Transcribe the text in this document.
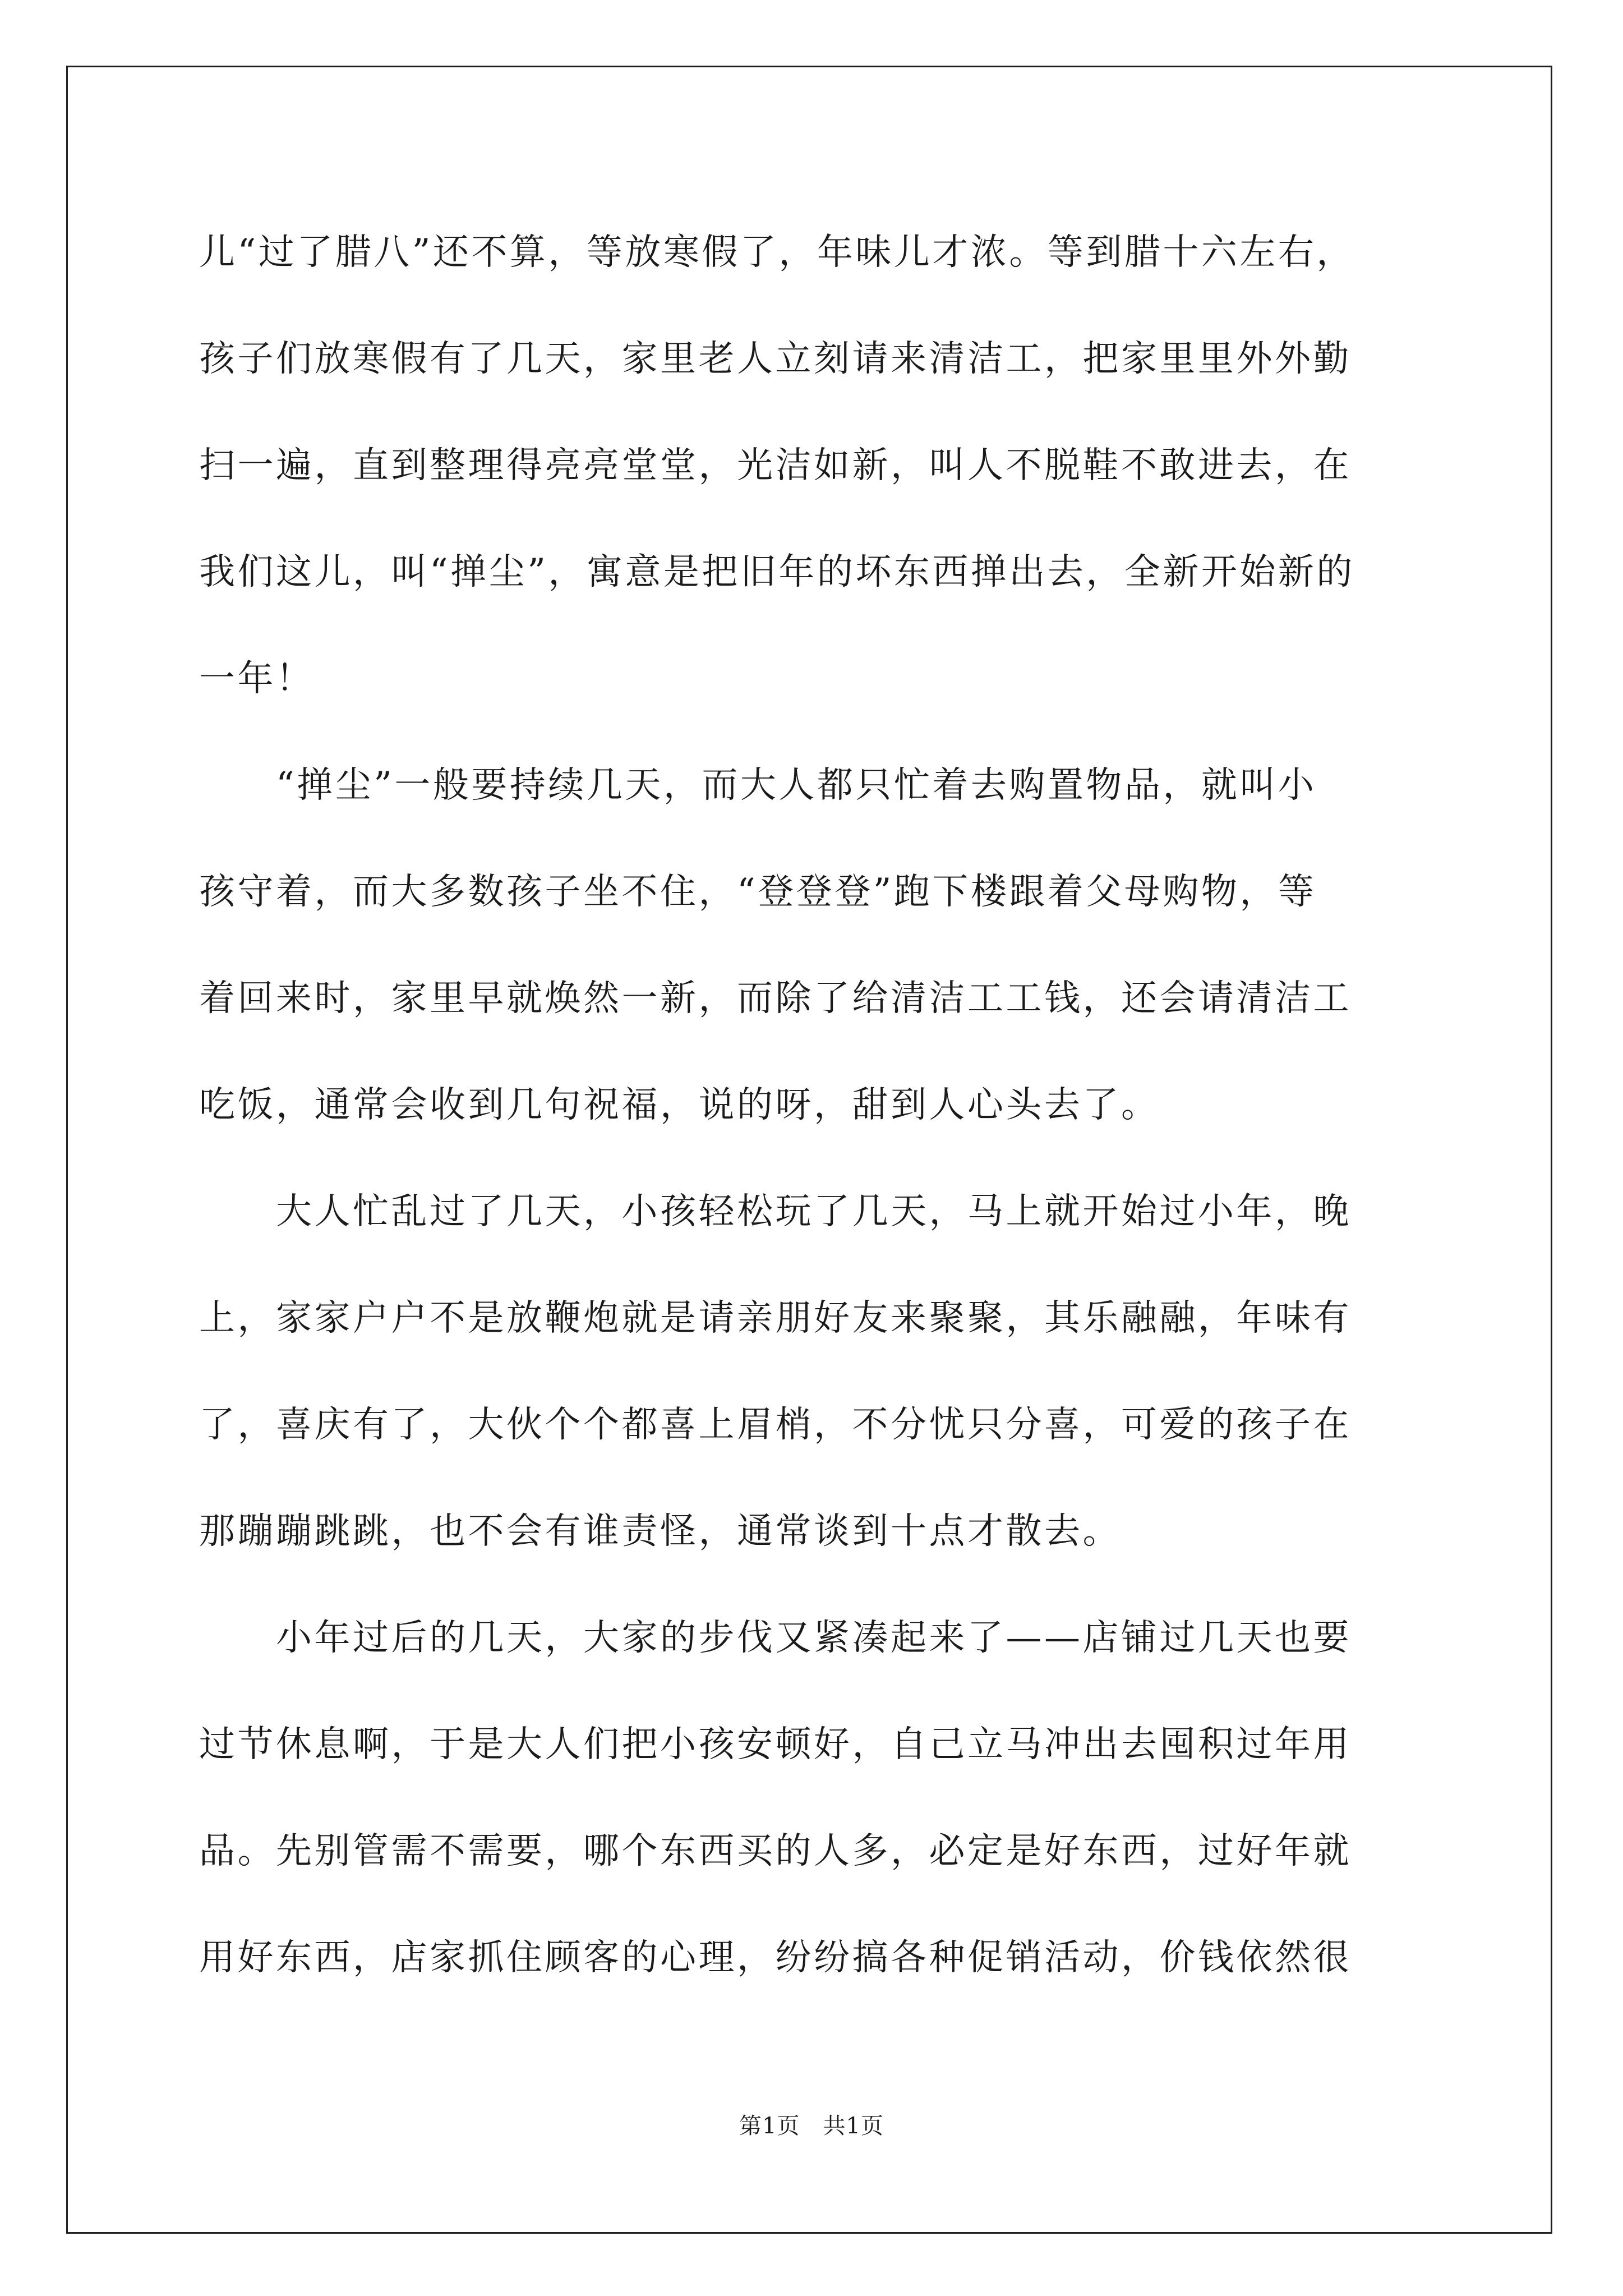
儿“过了腊八”还不算，等放寒假了，年味儿才浓。等到腊十六左右，
孩子们放寒假有了几天，家里老人立刻请来清洁工，把家里里外外勤
扫一遍，直到整理得亮亮堂堂，光洁如新，叫人不脱鞋不敢进去，在
我们这儿，叫“掸尘”，寓意是把旧年的坏东西掸出去，全新开始新的
一年！
　　“掸尘”一般要持续几天，而大人都只忙着去购置物品，就叫小
孩守着，而大多数孩子坐不住，“登登登”跑下楼跟着父母购物，等
着回来时，家里早就焕然一新，而除了给清洁工工钱，还会请清洁工
吃饭，通常会收到几句祝福，说的呀，甜到人心头去了。
　　大人忙乱过了几天，小孩轻松玩了几天，马上就开始过小年，晚
上，家家户户不是放鞭炮就是请亲朋好友来聚聚，其乐融融，年味有
了，喜庆有了，大伙个个都喜上眉梢，不分忧只分喜，可爱的孩子在
那蹦蹦跳跳，也不会有谁责怪，通常谈到十点才散去。
　　小年过后的几天，大家的步伐又紧凑起来了——店铺过几天也要
过节休息啊，于是大人们把小孩安顿好，自己立马冲出去囤积过年用
品。先别管需不需要，哪个东西买的人多，必定是好东西，过好年就
用好东西，店家抓住顾客的心理，纷纷搞各种促销活动，价钱依然很
第1页　共1页
